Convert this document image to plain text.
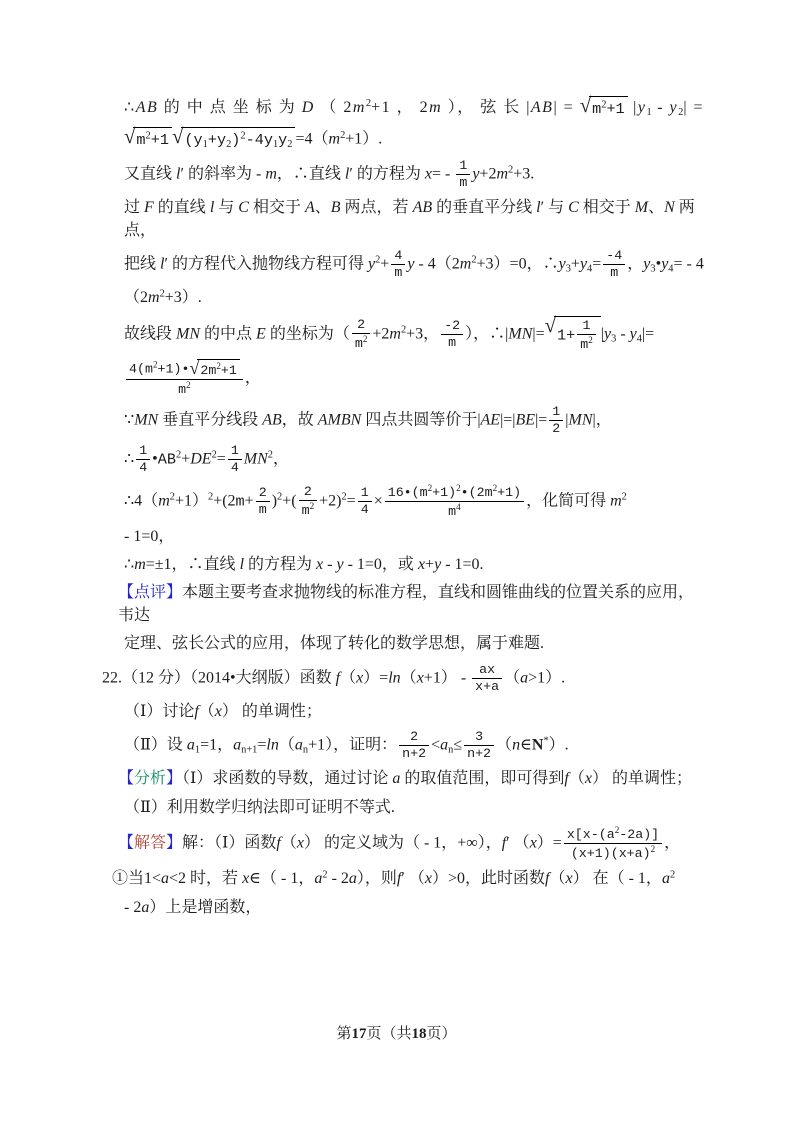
∴AB 的 中 点 坐 标 为 D （ $2m^2+1$ ， 2m ）， 弦 长 |AB| = √ $m^2+1$ $|y_1 - y_2|$ =
√ $m^2+1$ √ $(y_1+y_2)^2-4y_1y_2 =4(m^2+1)$.
又直线 l′ 的斜率为 - m，∴直线 l′ 的方程为 $x= - \frac{1}{m} y+2m^2+3$.
过 F 的直线 l 与 C 相交于 A、B 两点，若 AB 的垂直平分线 l′ 与 C 相交于 M、N 两点，
把线 l′ 的方程代入抛物线方程可得 $y^2+ \frac{4}{m}$ $y - 4(2m^2+3)=0$，$\therefore y_3+y_4= \frac{-4}{m}$ ，$y_3•y_4= - 4$
$(2m^2+3)$.
故线段 MN 的中点 E 的坐标为（ $\frac{2}{m^2} +2m^2+3$， $\frac{-2}{m}$ ），∴|MN|= √ $1+ \frac{1}{m^2} |y_3 - y_4|=$
$\frac{4(m^2+1)• √ 2m^2+1}{m^2}$ ，
∵MN 垂直平分线段 AB，故 AMBN 四点共圆等价于$|AE|=|BE|= \frac{1}{2} |MN|$，
∴ $\frac{1}{4}$ $•AB^2+DE^2= \frac{1}{4} MN^2$，
$\therefore 4(m^2+1)^2+(2m+ \frac{2}{m} )^2+( \frac{2}{m^2} +2)^2= \frac{1}{4} \times \frac{16•(m^2+1)^2•(2m^2+1)}{m^4}$ ，化简可得 $m^2$
- 1=0，
∴m=±1，∴直线 l 的方程为 x - y - 1=0，或 x+y - 1=0.
【点评】本题主要考查求抛物线的标准方程，直线和圆锥曲线的位置关系的应用，韦达
定理、弦长公式的应用，体现了转化的数学思想，属于难题.
22.（12 分）（2014•大纲版）函数 $f(x)=\ln(x+1) - \frac{ax}{x+a} (a>1)$.
（Ⅰ）讨论f（x） 的单调性；
（Ⅱ）设 $a_1=1$，$a_{n+1}=\ln(a_n+1)$，证明： $\frac{2}{n+2} <a_n\le \frac{3}{n+2}$ （n∈N*）.
【分析】（Ⅰ）求函数的导数，通过讨论 a 的取值范围，即可得到f（x） 的单调性；
（Ⅱ）利用数学归纳法即可证明不等式.
【解答】解：（Ⅰ）函数f（x） 的定义域为（ - 1，+∞），f′ $(x)= \frac{x[x-(a^2-2a)]}{(x+1)(x+a)^2}$ ，
①当1<a<2 时，若 x∈（ - 1，$a^2 - 2a$），则f′ （x）>0，此时函数f（x） 在（ - 1，$a^2$
- 2a）上是增函数，
第17页（共18页）
